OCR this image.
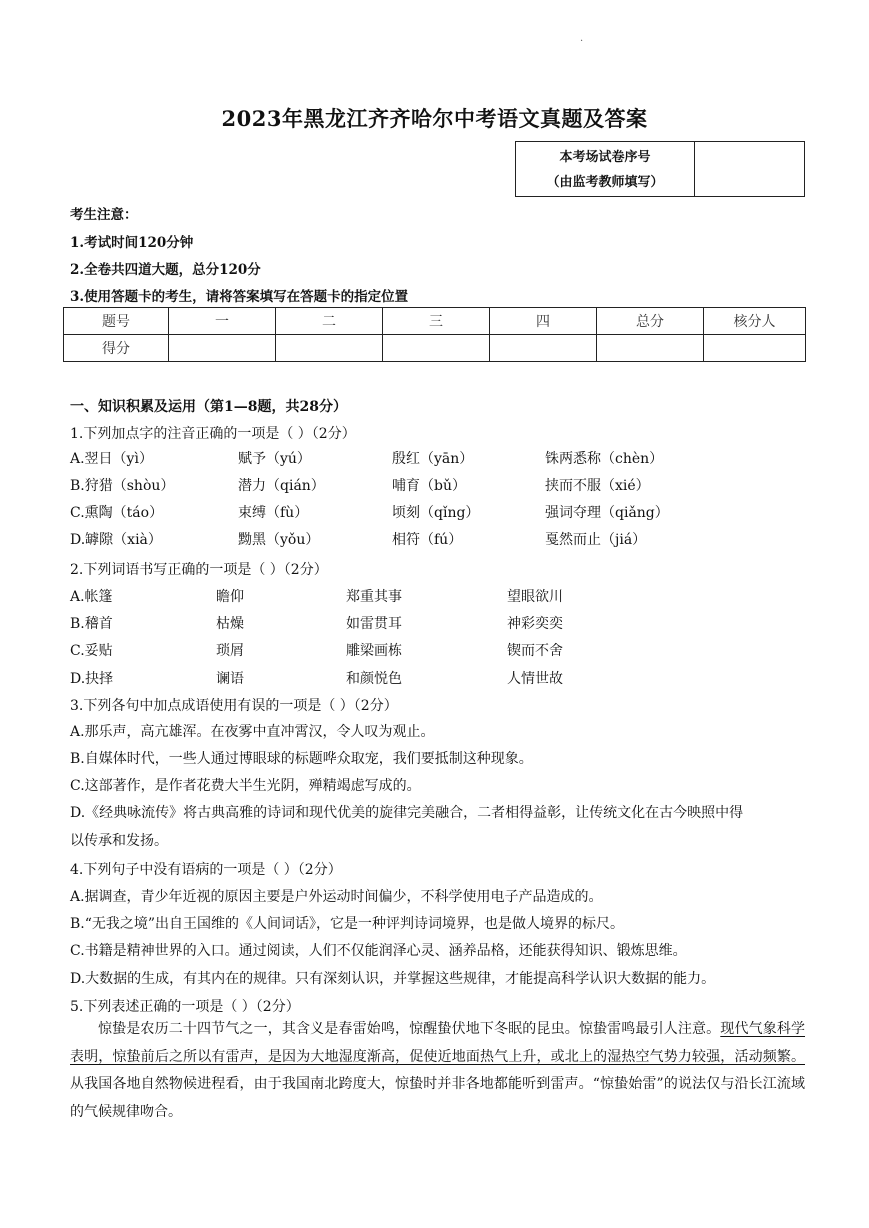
·
2023年黑龙江齐齐哈尔中考语文真题及答案
本考场试卷序号
（由监考教师填写）
考生注意：
1.考试时间120分钟
2.全卷共四道大题，总分120分
3.使用答题卡的考生，请将答案填写在答题卡的指定位置
题号	一	二	三	四	总分	核分人
得分						
一、知识积累及运用（第1—8题，共28分）
1.下列加点字的注音正确的一项是（ ）（2分）
A.翌日（yì）	赋予（yú）	殷红（yān）	铢两悉称（chèn）
B.狩猎（shòu）	潜力（qián）	哺育（bǔ）	挟而不服（xié）
C.熏陶（táo）	束缚（fù）	顷刻（qǐng）	强词夺理（qiǎng）
D.罅隙（xià）	黝黑（yǒu）	相符（fú）	戛然而止（jiá）
2.下列词语书写正确的一项是（ ）（2分）
A.帐篷	瞻仰	郑重其事	望眼欲川
B.稽首	枯燥	如雷贯耳	神彩奕奕
C.妥贴	琐屑	雕梁画栋	锲而不舍
D.抉择	谰语	和颜悦色	人情世故
3.下列各句中加点成语使用有误的一项是（ ）（2分）
A.那乐声，高亢雄浑。在夜雾中直冲霄汉，令人叹为观止。
B.自媒体时代，一些人通过博眼球的标题哗众取宠，我们要抵制这种现象。
C.这部著作，是作者花费大半生光阴，殚精竭虑写成的。
D.《经典咏流传》将古典高雅的诗词和现代优美的旋律完美融合，二者相得益彰，让传统文化在古今映照中得
以传承和发扬。
4.下列句子中没有语病的一项是（ ）（2分）
A.据调查，青少年近视的原因主要是户外运动时间偏少，不科学使用电子产品造成的。
B.“无我之境”出自王国维的《人间词话》，它是一种评判诗词境界，也是做人境界的标尺。
C.书籍是精神世界的入口。通过阅读，人们不仅能润泽心灵、涵养品格，还能获得知识、锻炼思维。
D.大数据的生成，有其内在的规律。只有深刻认识，并掌握这些规律，才能提高科学认识大数据的能力。
5.下列表述正确的一项是（ ）（2分）
惊蛰是农历二十四节气之一，其含义是春雷始鸣，惊醒蛰伏地下冬眠的昆虫。惊蛰雷鸣最引人注意。现代气象科学表明，惊蛰前后之所以有雷声，是因为大地湿度渐高，促使近地面热气上升，或北上的湿热空气势力较强，活动频繁。从我国各地自然物候进程看，由于我国南北跨度大，惊蛰时并非各地都能听到雷声。“惊蛰始雷”的说法仅与沿长江流域的气候规律吻合。
